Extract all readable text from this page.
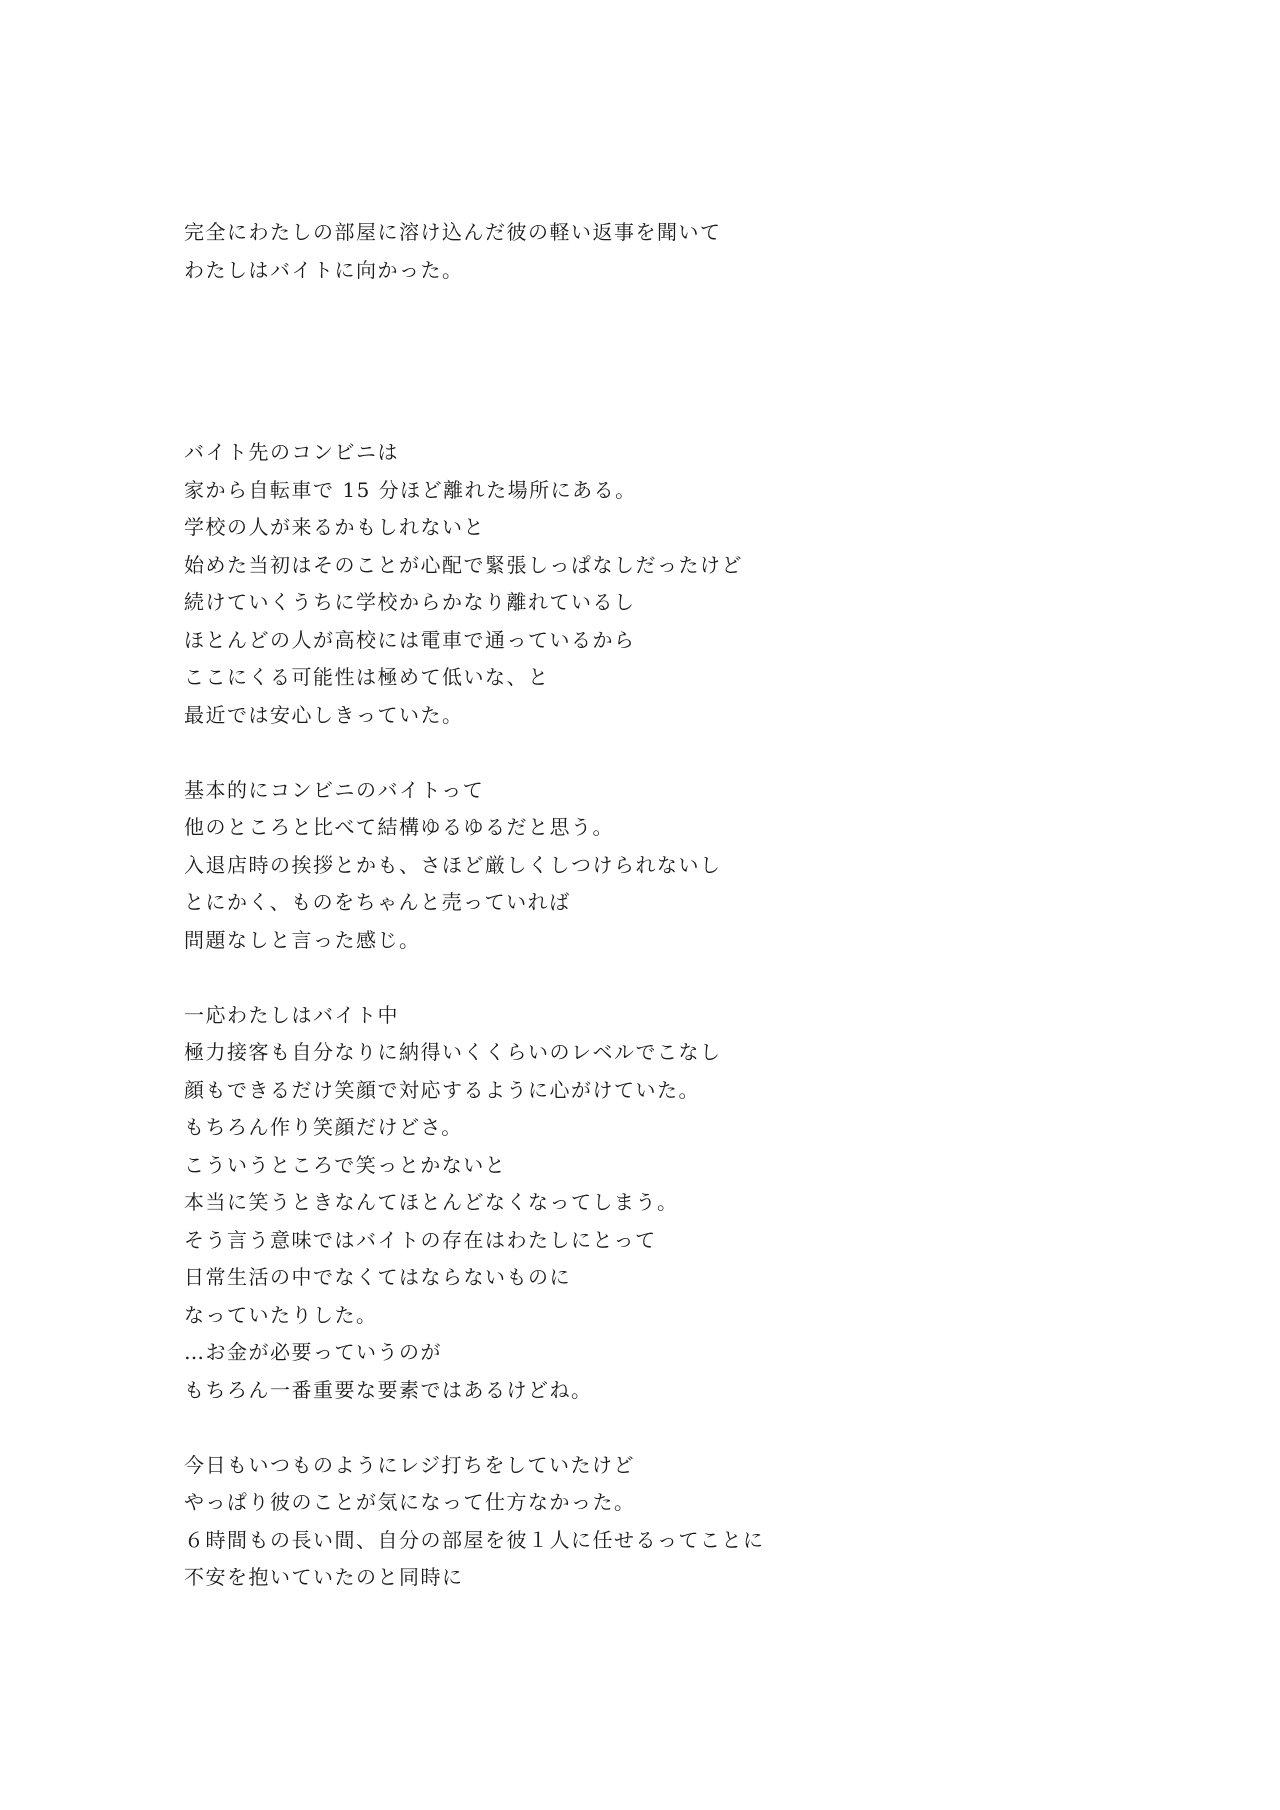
完全にわたしの部屋に溶け込んだ彼の軽い返事を聞いて
わたしはバイトに向かった。
バイト先のコンビニは
家から自転車で 15 分ほど離れた場所にある。
学校の人が来るかもしれないと
始めた当初はそのことが心配で緊張しっぱなしだったけど
続けていくうちに学校からかなり離れているし
ほとんどの人が高校には電車で通っているから
ここにくる可能性は極めて低いな、と
最近では安心しきっていた。
基本的にコンビニのバイトって
他のところと比べて結構ゆるゆるだと思う。
入退店時の挨拶とかも、さほど厳しくしつけられないし
とにかく、ものをちゃんと売っていれば
問題なしと言った感じ。
一応わたしはバイト中
極力接客も自分なりに納得いくくらいのレベルでこなし
顔もできるだけ笑顔で対応するように心がけていた。
もちろん作り笑顔だけどさ。
こういうところで笑っとかないと
本当に笑うときなんてほとんどなくなってしまう。
そう言う意味ではバイトの存在はわたしにとって
日常生活の中でなくてはならないものに
なっていたりした。
…お金が必要っていうのが
もちろん一番重要な要素ではあるけどね。
今日もいつものようにレジ打ちをしていたけど
やっぱり彼のことが気になって仕方なかった。
６時間もの長い間、自分の部屋を彼１人に任せるってことに
不安を抱いていたのと同時に
